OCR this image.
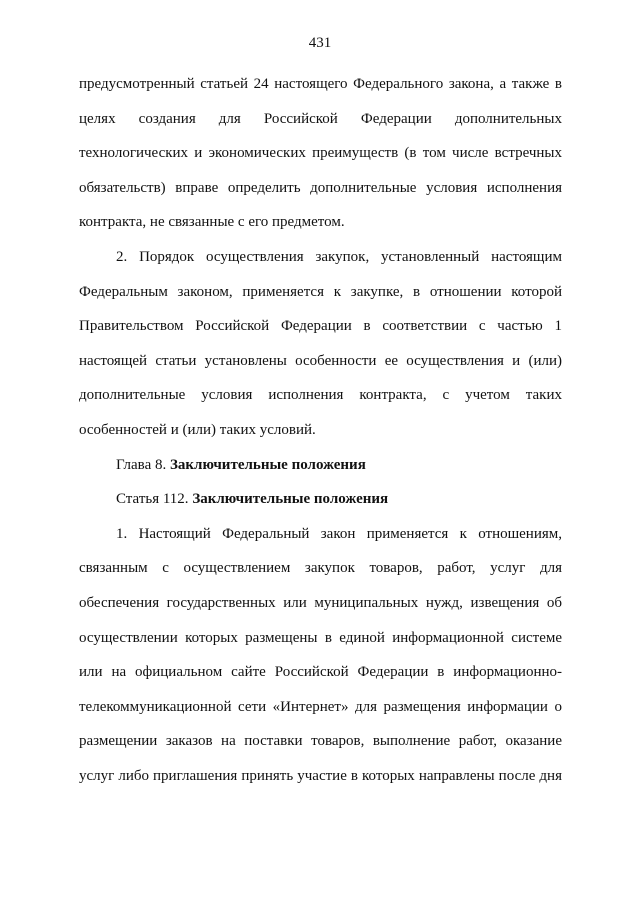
431

предусмотренный статьей 24 настоящего Федерального закона, а также в целях создания для Российской Федерации дополнительных технологических и экономических преимуществ (в том числе встречных обязательств) вправе определить дополнительные условия исполнения контракта, не связанные с его предметом.

2. Порядок осуществления закупок, установленный настоящим Федеральным законом, применяется к закупке, в отношении которой Правительством Российской Федерации в соответствии с частью 1 настоящей статьи установлены особенности ее осуществления и (или) дополнительные условия исполнения контракта, с учетом таких особенностей и (или) таких условий.

Глава 8. Заключительные положения

Статья 112. Заключительные положения

1. Настоящий Федеральный закон применяется к отношениям, связанным с осуществлением закупок товаров, работ, услуг для обеспечения государственных или муниципальных нужд, извещения об осуществлении которых размещены в единой информационной системе или на официальном сайте Российской Федерации в информационно-телекоммуникационной сети «Интернет» для размещения информации о размещении заказов на поставки товаров, выполнение работ, оказание услуг либо приглашения принять участие в которых направлены после дня
